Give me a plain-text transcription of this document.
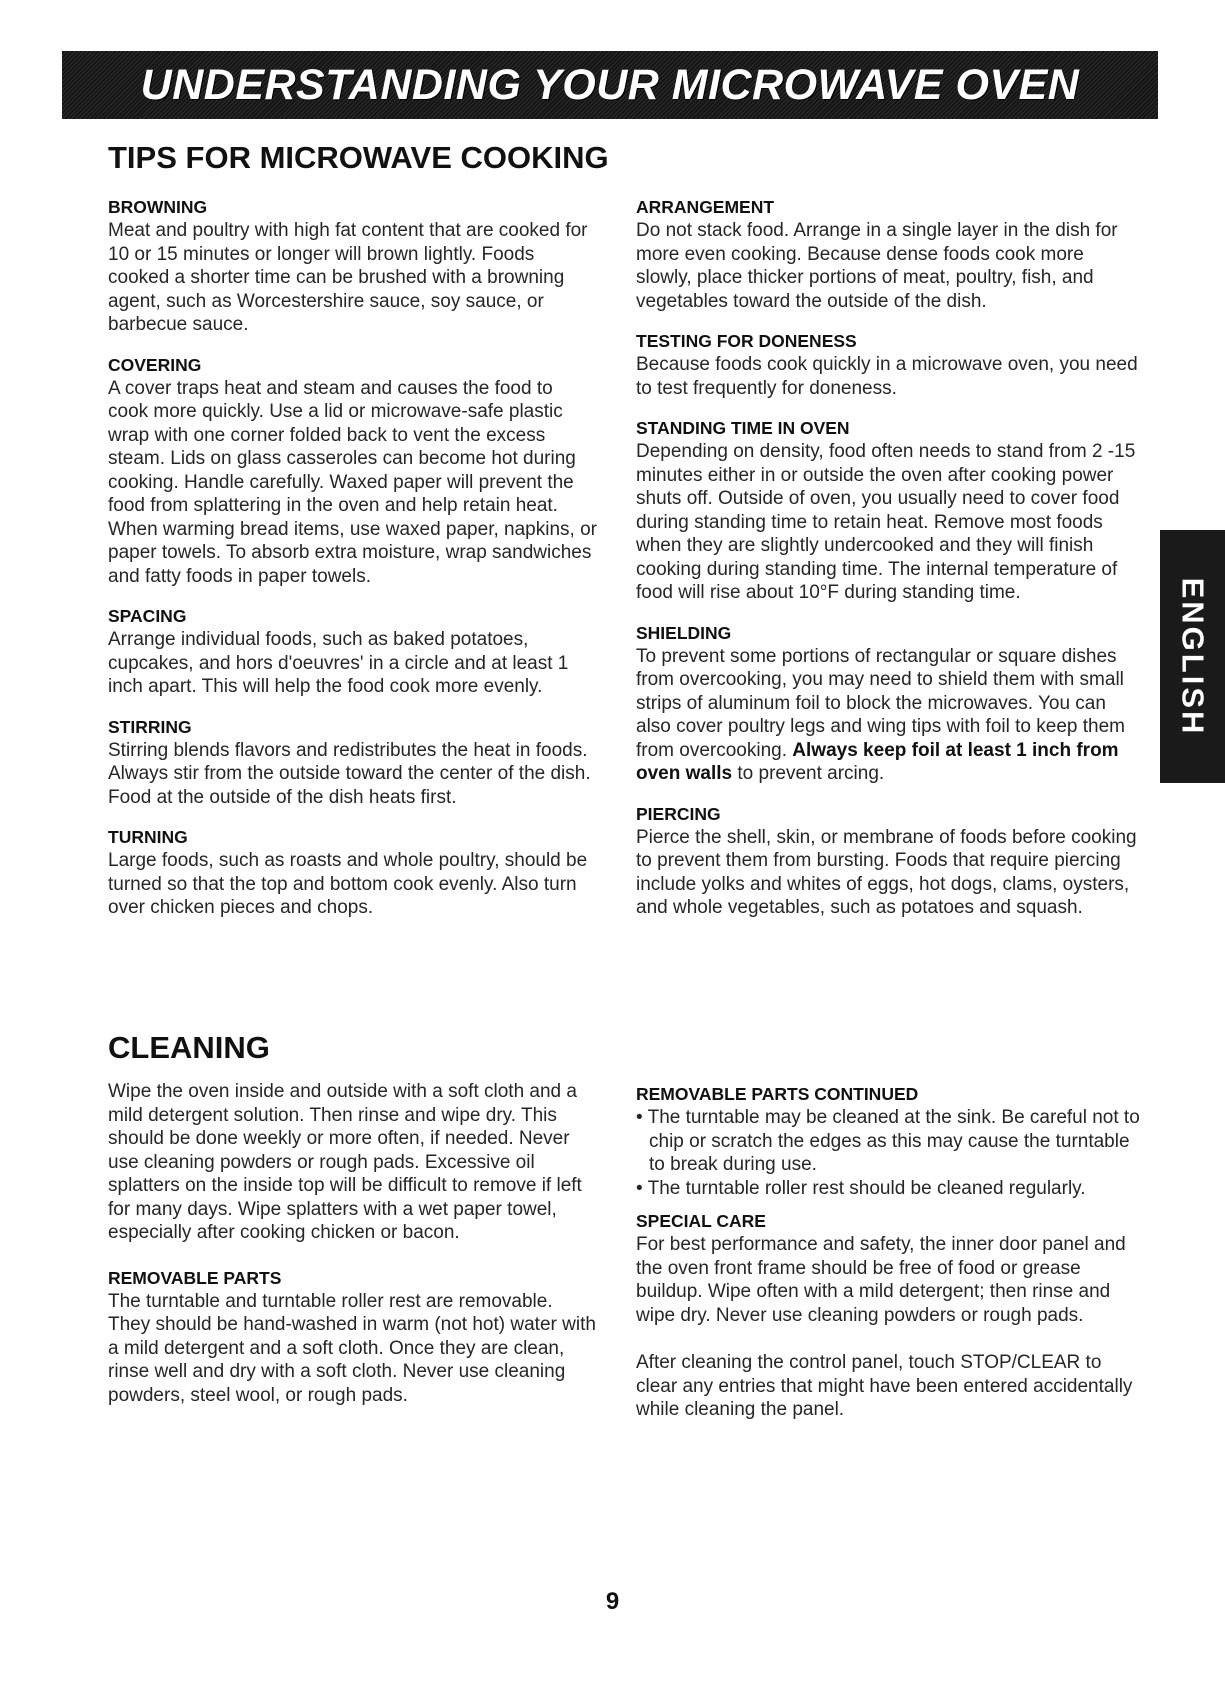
UNDERSTANDING YOUR MICROWAVE OVEN
TIPS FOR MICROWAVE COOKING
BROWNING

Meat and poultry with high fat content that are cooked for 10 or 15 minutes or longer will brown lightly. Foods cooked a shorter time can be brushed with a browning agent, such as Worcestershire sauce, soy sauce, or barbecue sauce.

COVERING

A cover traps heat and steam and causes the food to cook more quickly. Use a lid or microwave-safe plastic wrap with one corner folded back to vent the excess steam. Lids on glass casseroles can become hot during cooking. Handle carefully. Waxed paper will prevent the food from splattering in the oven and help retain heat. When warming bread items, use waxed paper, napkins, or paper towels. To absorb extra moisture, wrap sandwiches and fatty foods in paper towels.

SPACING

Arrange individual foods, such as baked potatoes, cupcakes, and hors d'oeuvres' in a circle and at least 1 inch apart. This will help the food cook more evenly.

STIRRING

Stirring blends flavors and redistributes the heat in foods. Always stir from the outside toward the center of the dish. Food at the outside of the dish heats first.

TURNING

Large foods, such as roasts and whole poultry, should be turned so that the top and bottom cook evenly. Also turn over chicken pieces and chops.

ARRANGEMENT

Do not stack food. Arrange in a single layer in the dish for more even cooking. Because dense foods cook more slowly, place thicker portions of meat, poultry, fish, and vegetables toward the outside of the dish.

TESTING FOR DONENESS

Because foods cook quickly in a microwave oven, you need to test frequently for doneness.

STANDING TIME IN OVEN

Depending on density, food often needs to stand from 2 -15 minutes either in or outside the oven after cooking power shuts off. Outside of oven, you usually need to cover food during standing time to retain heat. Remove most foods when they are slightly undercooked and they will finish cooking during standing time. The internal temperature of food will rise about 10°F during standing time.

SHIELDING

To prevent some portions of rectangular or square dishes from overcooking, you may need to shield them with small strips of aluminum foil to block the microwaves. You can also cover poultry legs and wing tips with foil to keep them from overcooking. Always keep foil at least 1 inch from oven walls to prevent arcing.

PIERCING

Pierce the shell, skin, or membrane of foods before cooking to prevent them from bursting. Foods that require piercing include yolks and whites of eggs, hot dogs, clams, oysters, and whole vegetables, such as potatoes and squash.

CLEANING

Wipe the oven inside and outside with a soft cloth and a mild detergent solution. Then rinse and wipe dry. This should be done weekly or more often, if needed. Never use cleaning powders or rough pads. Excessive oil splatters on the inside top will be difficult to remove if left for many days. Wipe splatters with a wet paper towel, especially after cooking chicken or bacon.

REMOVABLE PARTS

The turntable and turntable roller rest are removable. They should be hand-washed in warm (not hot) water with a mild detergent and a soft cloth. Once they are clean, rinse well and dry with a soft cloth. Never use cleaning powders, steel wool, or rough pads.

REMOVABLE PARTS CONTINUED
• The turntable may be cleaned at the sink. Be careful not to chip or scratch the edges as this may cause the turntable to break during use.
• The turntable roller rest should be cleaned regularly.
SPECIAL CARE

For best performance and safety, the inner door panel and the oven front frame should be free of food or grease buildup. Wipe often with a mild detergent; then rinse and wipe dry. Never use cleaning powders or rough pads.

After cleaning the control panel, touch STOP/CLEAR to clear any entries that might have been entered accidentally while cleaning the panel.

ENGLISH
9
